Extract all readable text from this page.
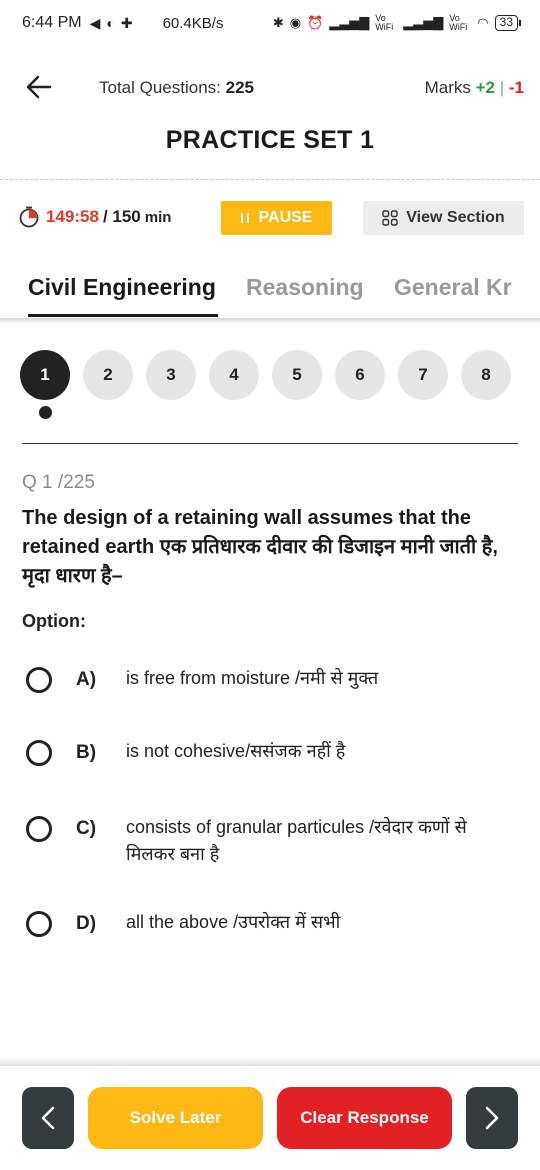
6:44 PM ◀ ◐ ✚ 60.4KB/s	✱ ◉ ⏰ ▂▃▅▇ Vo WiFi ▂▃▅▇ Vo WiFi ◠ 33
Total Questions: 225	Marks +2 | -1
PRACTICE SET 1
149:58 / 150 min	PAUSE	View Section
Civil Engineering Reasoning General Kr
1	2	3	4	5	6	7	8
Q 1 /225
The design of a retaining wall assumes that the retained earth एक प्रतिधारक दीवार की डिजाइन मानी जाती है, मृदा धारण है–
Option:
A) is free from moisture /नमी से मुक्त
B) is not cohesive/ससंजक नहीं है
C) consists of granular particules /रवेदार कणों से मिलकर बना है
D) all the above /उपरोक्त में सभी
Solve Later	Clear Response
